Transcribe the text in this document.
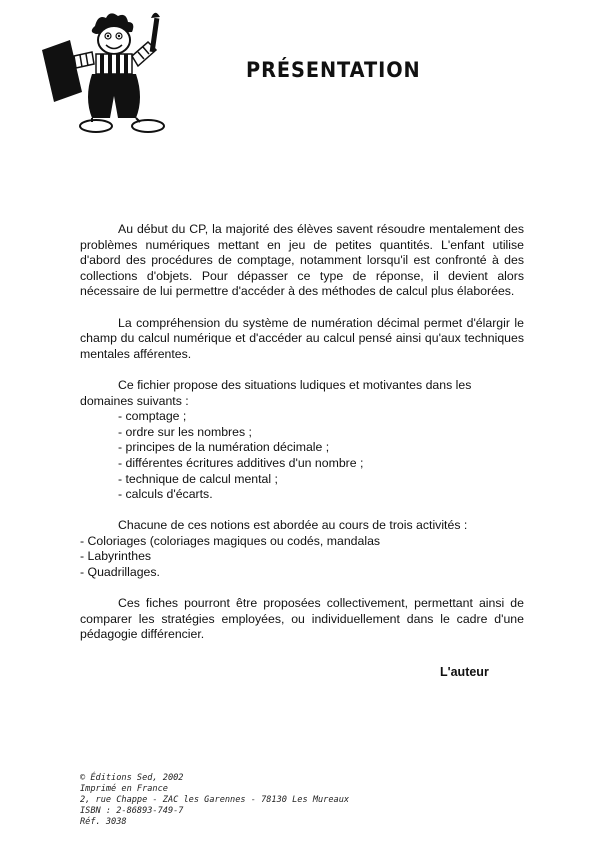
PRÉSENTATION

Au début du CP, la majorité des élèves savent résoudre mentalement des problèmes numériques mettant en jeu de petites quantités. L'enfant utilise d'abord des procédures de comptage, notamment lorsqu'il est confronté à des collections d'objets. Pour dépasser ce type de réponse, il devient alors nécessaire de lui permettre d'accéder à des méthodes de calcul plus élaborées.

La compréhension du système de numération décimal permet d'élargir le champ du calcul numérique et d'accéder au calcul pensé ainsi qu'aux techniques mentales afférentes.

Ce fichier propose des situations ludiques et motivantes dans les domaines suivants :

- comptage ;
- ordre sur les nombres ;
- principes de la numération décimale ;
- différentes écritures additives d'un nombre ;
- technique de calcul mental ;
- calculs d'écarts.

Chacune de ces notions est abordée au cours de trois activités :

- Coloriages (coloriages magiques ou codés, mandalas
- Labyrinthes
- Quadrillages.

Ces fiches pourront être proposées collectivement, permettant ainsi de comparer les stratégies employées, ou individuellement dans le cadre d'une pédagogie différencier.

L'auteur
© Éditions Sed, 2002
Imprimé en France
2, rue Chappe - ZAC les Garennes - 78130 Les Mureaux
ISBN : 2-86893-749-7
Réf. 3038
